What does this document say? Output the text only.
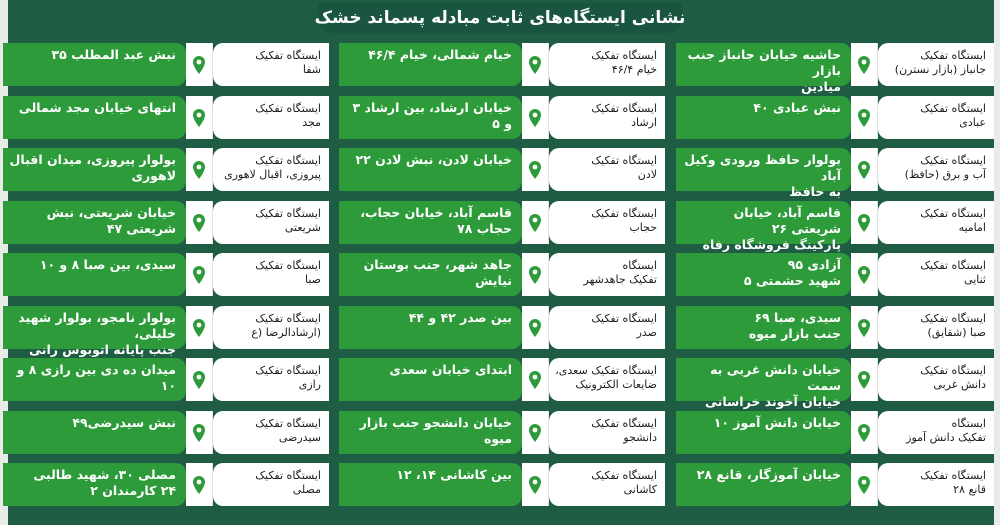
نشانی ایستگاه‌های ثابت مبادله پسماند خشک
ایستگاه تفکیک
جانباز (بازار نسترن)
حاشیه خیابان جانباز جنب بازار
میادین
ایستگاه تفکیک
عبادی
نبش عبادی ۴۰
ایستگاه تفکیک
آب و برق (حافظ)
بولوار حافظ ورودی وکیل آباد
به حافظ
ایستگاه تفکیک
امامیه
قاسم آباد، خیابان شریعتی ۲۶
پارکینگ فروشگاه رفاه
ایستگاه تفکیک
ثنایی
آزادی ۹۵
شهید حشمتی ۵
ایستگاه تفکیک
صبا (شقایق)
سیدی، صبا ۶۹
جنب بازار میوه
ایستگاه تفکیک
دانش غربی
خیابان دانش غربی به سمت
خیابان آخوند خراسانی
ایستگاه
تفکیک دانش آموز
خیابان دانش آموز ۱۰
ایستگاه تفکیک
قانع ۲۸
خیابان آموزگار، قانع ۲۸
ایستگاه تفکیک
خیام ۴۶/۴
خیام شمالی، خیام ۴۶/۴
ایستگاه تفکیک
ارشاد
خیابان ارشاد، بین ارشاد ۳ و ۵
ایستگاه تفکیک
لادن
خیابان لادن، نبش لادن ۲۲
ایستگاه تفکیک
حجاب
قاسم آباد، خیابان حجاب،
حجاب ۷۸
ایستگاه
تفکیک جاهدشهر
جاهد شهر، جنب بوستان
نیایش
ایستگاه تفکیک
صدر
بین صدر ۴۲ و ۴۴
ایستگاه تفکیک سعدی،
ضایعات الکترونیک
ابتدای خیابان سعدی
ایستگاه تفکیک
دانشجو
خیابان دانشجو جنب بازار میوه
ایستگاه تفکیک
کاشانی
بین کاشانی ۱۴، ۱۲
ایستگاه تفکیک
شفا
نبش عبد المطلب ۳۵
ایستگاه تفکیک
مجد
انتهای خیابان مجد شمالی
ایستگاه تفکیک
پیروزی، اقبال لاهوری
بولوار پیروزی، میدان اقبال
لاهوری
ایستگاه تفکیک
شریعتی
خیابان شریعتی، نبش
شریعتی ۴۷
ایستگاه تفکیک
صبا
سیدی، بین صبا ۸ و ۱۰
ایستگاه تفکیک
(ارشادالرضا (ع
بولوار نامجو، بولوار شهید خلیلی،
جنب پایانه اتوبوس رانی
ایستگاه تفکیک
رازی
میدان ده دی بین رازی ۸ و ۱۰
ایستگاه تفکیک
سیدرضی
نبش سیدرضی۴۹
ایستگاه تفکیک
مصلی
مصلی ۳۰، شهید طالبی
۲۴ کارمندان ۲
